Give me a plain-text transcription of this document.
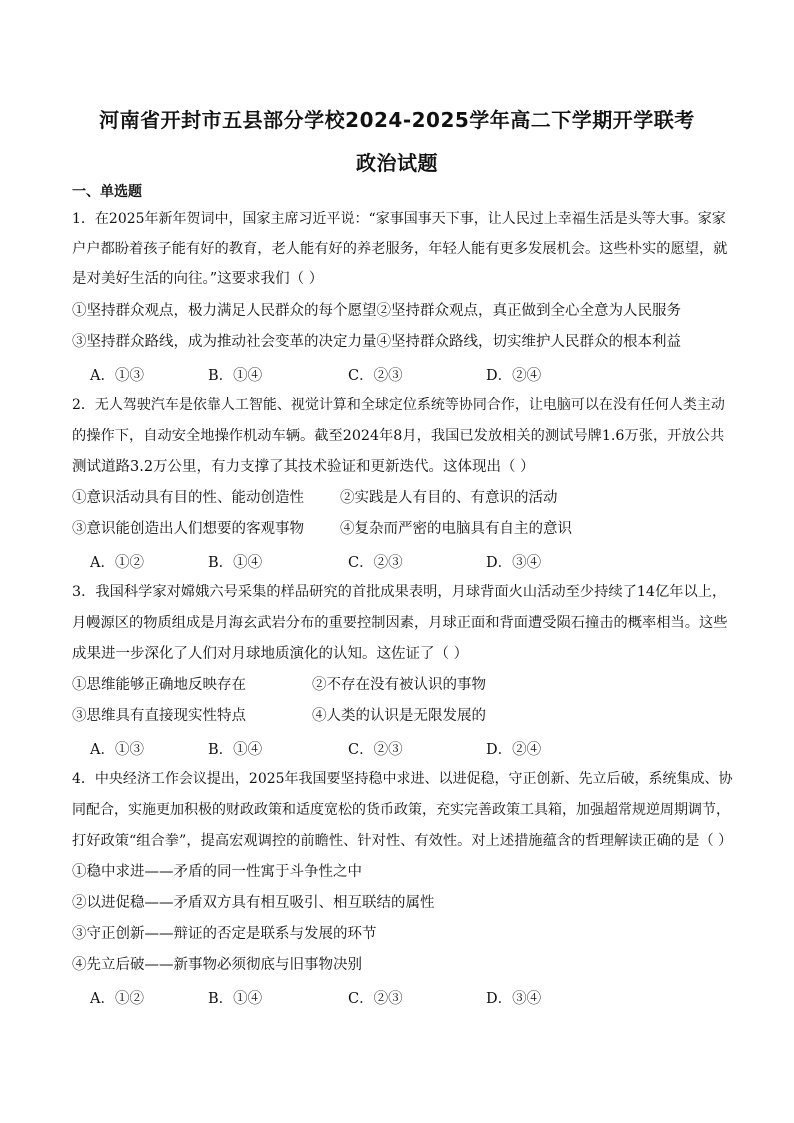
河南省开封市五县部分学校2024-2025学年高二下学期开学联考
政治试题
一、单选题
1．在2025年新年贺词中，国家主席习近平说：“家事国事天下事，让人民过上幸福生活是头等大事。家家
户户都盼着孩子能有好的教育，老人能有好的养老服务，年轻人能有更多发展机会。这些朴实的愿望，就
是对美好生活的向往。”这要求我们（ ）
①坚持群众观点，极力满足人民群众的每个愿望②坚持群众观点，真正做到全心全意为人民服务
③坚持群众路线，成为推动社会变革的决定力量④坚持群众路线，切实维护人民群众的根本利益
A．①③	B．①④	C．②③	D．②④
2．无人驾驶汽车是依靠人工智能、视觉计算和全球定位系统等协同合作，让电脑可以在没有任何人类主动
的操作下，自动安全地操作机动车辆。截至2024年8月，我国已发放相关的测试号牌1.6万张，开放公共
测试道路3.2万公里，有力支撑了其技术验证和更新迭代。这体现出（ ）
①意识活动具有目的性、能动创造性 ②实践是人有目的、有意识的活动
③意识能创造出人们想要的客观事物 ④复杂而严密的电脑具有自主的意识
A．①②	B．①④	C．②③	D．③④
3．我国科学家对嫦娥六号采集的样品研究的首批成果表明，月球背面火山活动至少持续了14亿年以上，
月幔源区的物质组成是月海玄武岩分布的重要控制因素，月球正面和背面遭受陨石撞击的概率相当。这些
成果进一步深化了人们对月球地质演化的认知。这佐证了（ ）
①思维能够正确地反映存在	②不存在没有被认识的事物
③思维具有直接现实性特点	④人类的认识是无限发展的
A．①③	B．①④	C．②③	D．②④
4．中央经济工作会议提出，2025年我国要坚持稳中求进、以进促稳，守正创新、先立后破，系统集成、协
同配合，实施更加积极的财政政策和适度宽松的货币政策，充实完善政策工具箱，加强超常规逆周期调节，
打好政策“组合拳”，提高宏观调控的前瞻性、针对性、有效性。对上述措施蕴含的哲理解读正确的是（ ）
①稳中求进——矛盾的同一性寓于斗争性之中
②以进促稳——矛盾双方具有相互吸引、相互联结的属性
③守正创新——辩证的否定是联系与发展的环节
④先立后破——新事物必须彻底与旧事物决别
A．①②	B．①④	C．②③	D．③④
